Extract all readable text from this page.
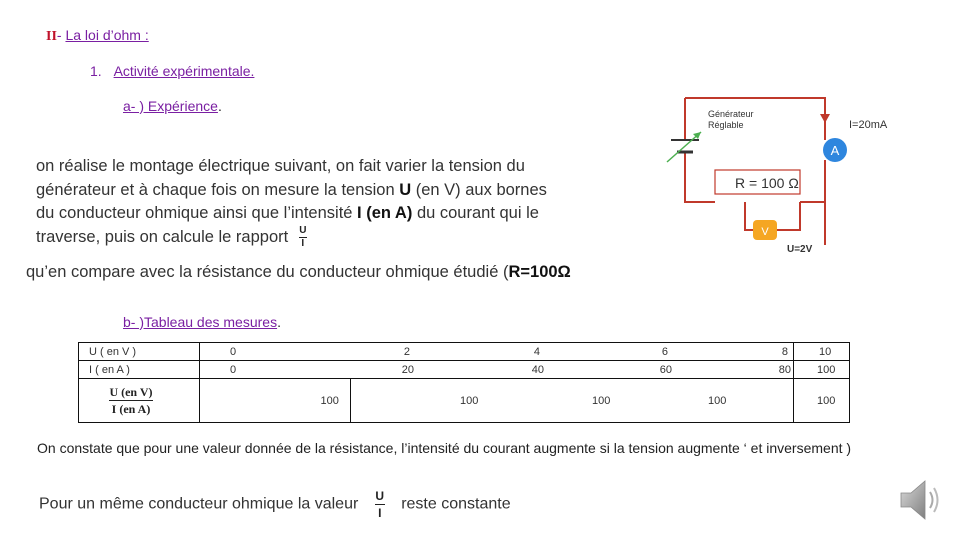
II- La loi d’ohm :
1. Activité expérimentale.
a- ) Expérience.
on réalise le montage électrique suivant, on fait varier la tension du générateur et à chaque fois on mesure la tension U (en V) aux bornes du conducteur ohmique ainsi que l’intensité I (en A) du courant qui le traverse, puis on calcule le rapport $\frac{U}{I}$
qu’en compare avec la résistance du conducteur ohmique étudié (R=100Ω
Générateur
Réglable	I=20mA
A
R = 100 Ω
V
U=2V
b- )Tableau des mesures.
U ( en V )	0	2	4	6	8	10
I ( en A )	0	20	40	60	80	100

$\frac{\text{U (en V)}}{\text{I (en A)}}$		100	100	100	100	100
On constate que pour une valeur donnée de la résistance, l’intensité du courant augmente si la tension augmente ‘ et inversement )
Pour un même conducteur ohmique la valeur $\frac{U}{I}$ reste constante
